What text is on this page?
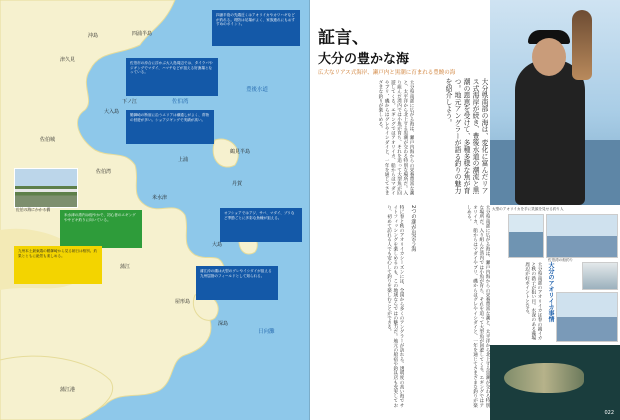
沖島	四浦半島
津久見
下ノ江
大入島
佐伯城
佐伯湾
鶴見半島
上浦
米水津
丹賀
大島
屋形島
蒲江
深島
蒲江港
豊後水道
佐伯湾
日向灘
四浦半島の先端近くはアオリイカやカワハギなどが釣れる。堤防は足場がよく、家族連れにもおすすめのポイント。
佐伯市の沖合に浮かぶ大入島周辺では、タイラバやジギングでマダイ、ハマチなどが狙える好漁場となっている。
鶴御崎の断崖に沿うエリアは潮通しがよく、青物の回遊が多い。ショアジギングで実績が高い。
米水津の湾内は穏やかで、初心者のエギングやサビキ釣りに向いている。
九州本土最東端の鶴御崎から見る朝日は格別。釣果とともに絶景も楽しめる。
オフショアではアジ、サバ、マダイ、ブリなど季節ごとに多彩な魚種が狙える。
蒲江沖の磯は大型のグレやイシダイが狙える九州屈指のフィールドとして知られる。
佐伯の海にかかる橋
証言、
大分の豊かな海
広大なリアス式海岸、瀬戸内と黒潮に育まれる豊饒の海
大分県南部の海は、変化に富んだリアス式海岸が続き、豊後水道の潮流と黒潮の恩恵を受けて、多種多様な魚が育つ。地元アングラーが語る釣りの魅力を紹介しよう。
大分県南部に広がる海は、瀬戸内海からの栄養豊富な潮と、太平洋から北上する黒潮が交わる特別な場所だ。入り組んだ湾内では小魚が育ち、それを追って大型魚が回遊してくる。エギングではアオリイカ、船からはマダイやブリ、磯からはグレやイシダイと、一年を通じてさまざまな釣りが楽しめる。
2つの潮が出会う海
特に春と秋のアオリイカシーズンには、全国から多くのアングラーが訪れる。透明度の高い海でサイトフィッシングを楽しめるのも、この地域ならではの魅力だ。地元の船宿や釣具店も充実しており、初めて訪れる人でも安心して釣りを楽しむことができる。	大分県南部に広がる海は、瀬戸内海からの栄養豊富な潮と、太平洋から北上する黒潮が交わる特別な場所だ。入り組んだ湾内では小魚が育ち、それを追って大型魚が回遊してくる。エギングではアオリイカ、船からはマダイやブリ、磯からはグレやイシダイと、一年を通じてさまざまな釣りが楽しめる。	大型のアオリイカを手に笑顔を見せる釣り人
佐伯湾の船釣り
大分のアオリイカ事情
大分県南部のアオリイカは春の親イカと秋の新子が狙い目。水深のある藻場周辺が好ポイントとなる。
022
